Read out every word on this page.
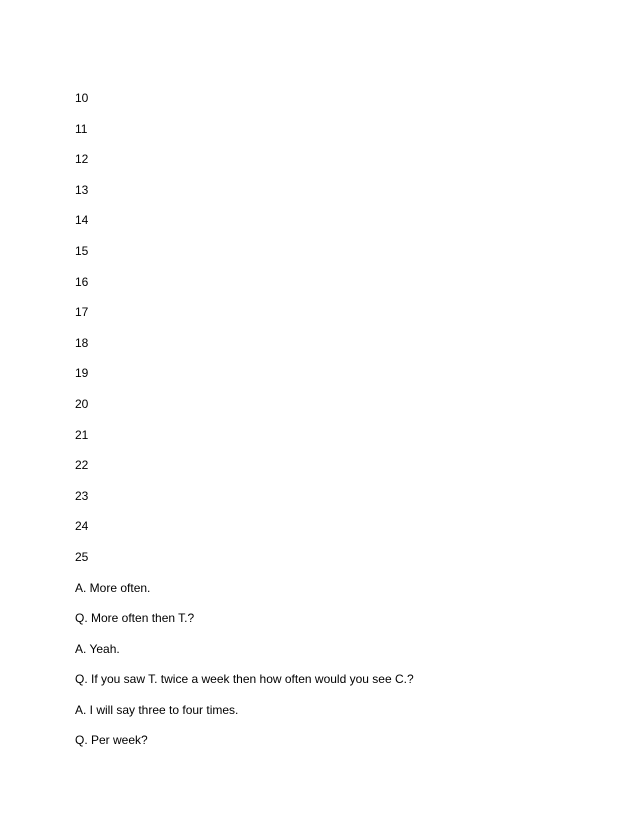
10
11
12
13
14
15
16
17
18
19
20
21
22
23
24
25
A. More often.
Q. More often then T.?
A. Yeah.
Q. If you saw T. twice a week then how often would you see C.?
A. I will say three to four times.
Q. Per week?
